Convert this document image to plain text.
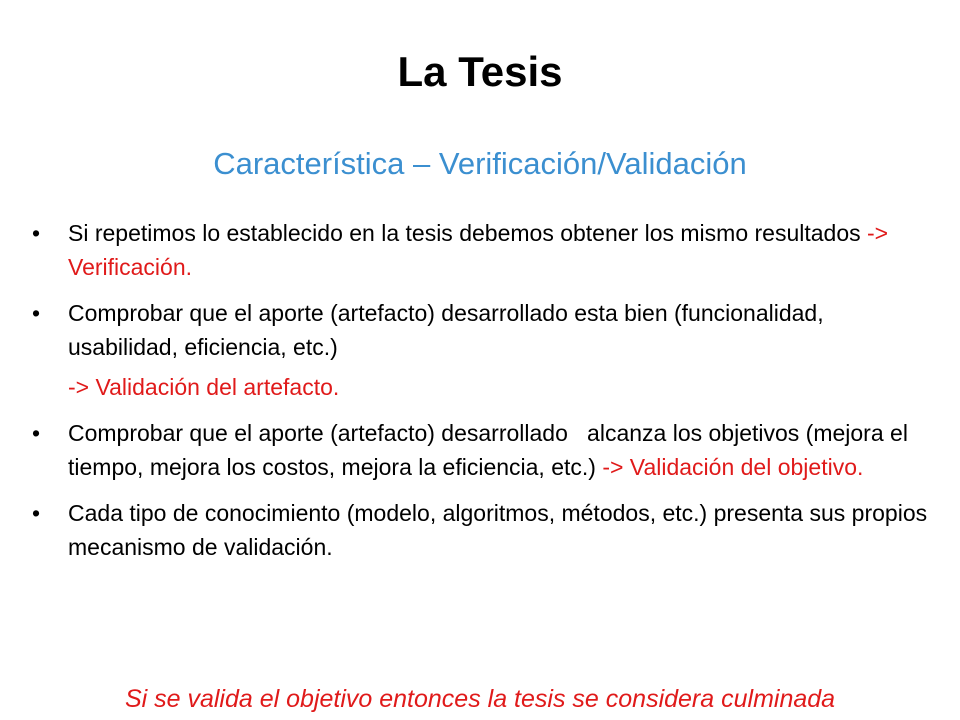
La Tesis
Característica – Verificación/Validación
•	Si repetimos lo establecido en la tesis debemos obtener los mismo resultados -> Verificación.
•	Comprobar que el aporte (artefacto) desarrollado esta bien (funcionalidad, usabilidad, eficiencia, etc.)
-> Validación del artefacto.
•	Comprobar que el aporte (artefacto) desarrollado   alcanza los objetivos (mejora el tiempo, mejora los costos, mejora la eficiencia, etc.) -> Validación del objetivo.
•	Cada tipo de conocimiento (modelo, algoritmos, métodos, etc.) presenta sus propios mecanismo de validación.

Si se valida el objetivo entonces la tesis se considera culminada
